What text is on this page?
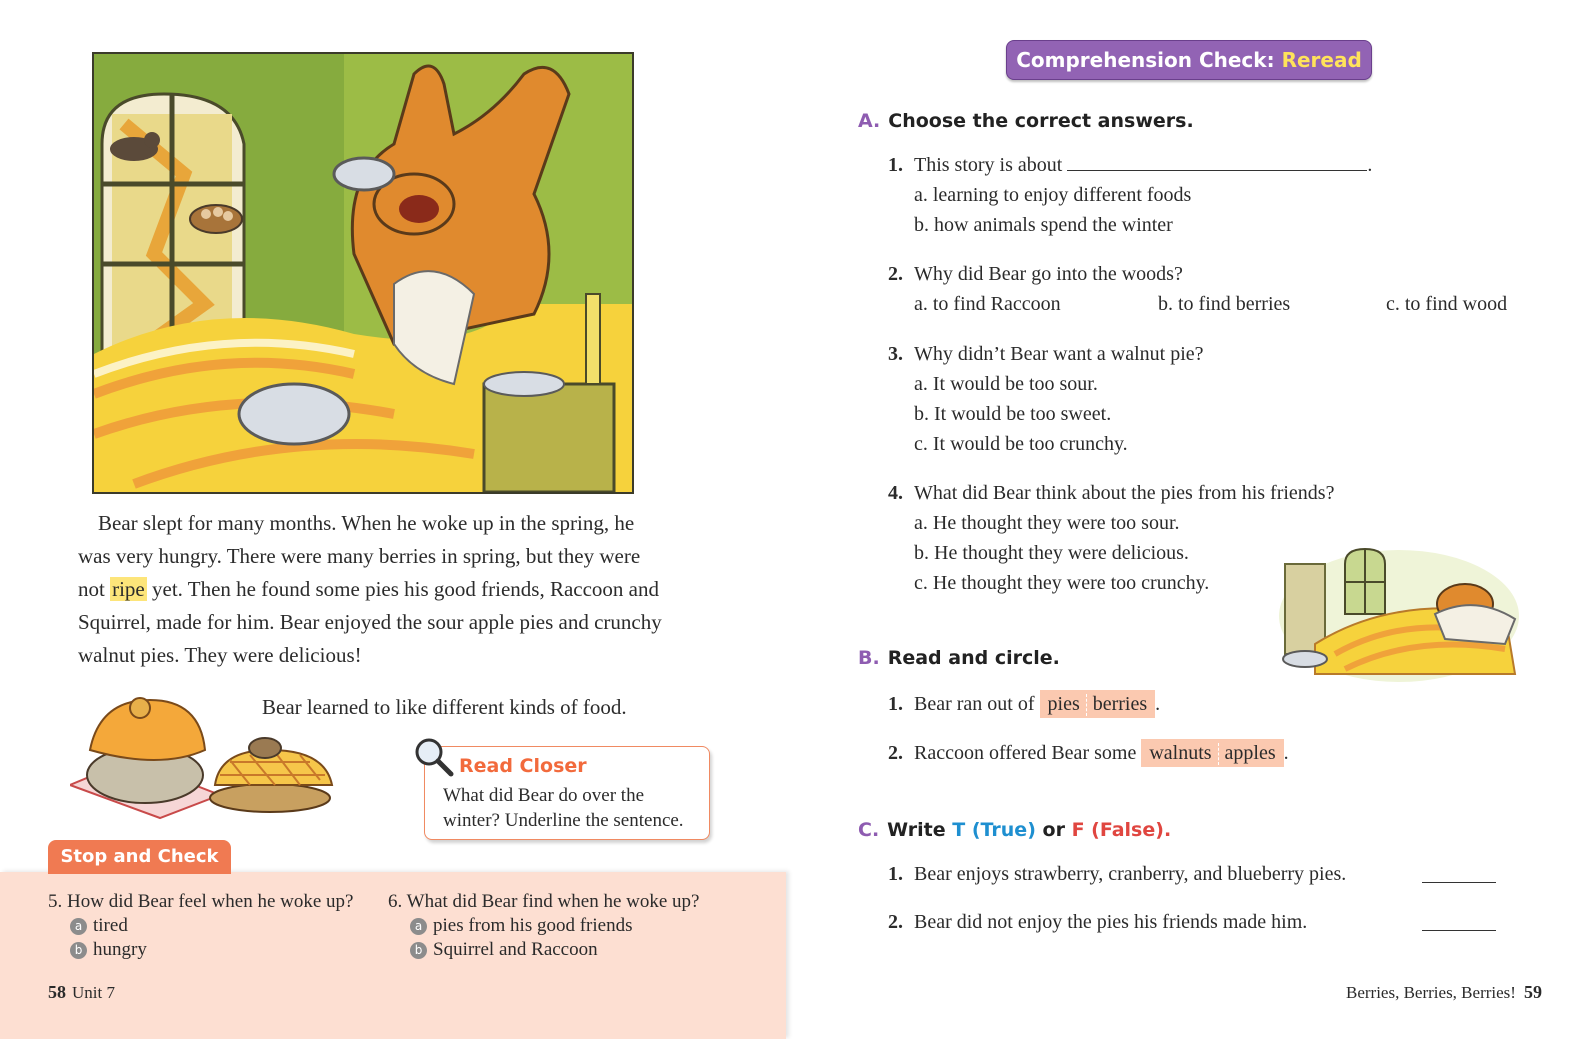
Bear slept for many months. When he woke up in the spring, he was very hungry. There were many berries in spring, but they were not ripe yet. Then he found some pies his good friends, Raccoon and Squirrel, made for him. Bear enjoyed the sour apple pies and crunchy walnut pies. They were delicious!

Bear learned to like different kinds of food.
Read Closer
What did Bear do over the winter? Underline the sentence.
Stop and Check
5. How did Bear feel when he woke up?
a tired
b hungry
6. What did Bear find when he woke up?
a pies from his good friends
b Squirrel and Raccoon
58 Unit 7
Comprehension Check: Reread
A. Choose the correct answers.
1. This story is about	.
a. learning to enjoy different foods
b. how animals spend the winter
2. Why did Bear go into the woods?
a. to find Raccoon	b. to find berries	c. to find wood
3. Why didn’t Bear want a walnut pie?
a. It would be too sour.
b. It would be too sweet.
c. It would be too crunchy.
4. What did Bear think about the pies from his friends?
a. He thought they were too sour.
b. He thought they were delicious.
c. He thought they were too crunchy.
B. Read and circle.
1. Bear ran out of pies berries .
2. Raccoon offered Bear some walnuts apples .
C. Write T (True) or F (False).
1. Bear enjoys strawberry, cranberry, and blueberry pies.
2. Bear did not enjoy the pies his friends made him.
Berries, Berries, Berries! 59
